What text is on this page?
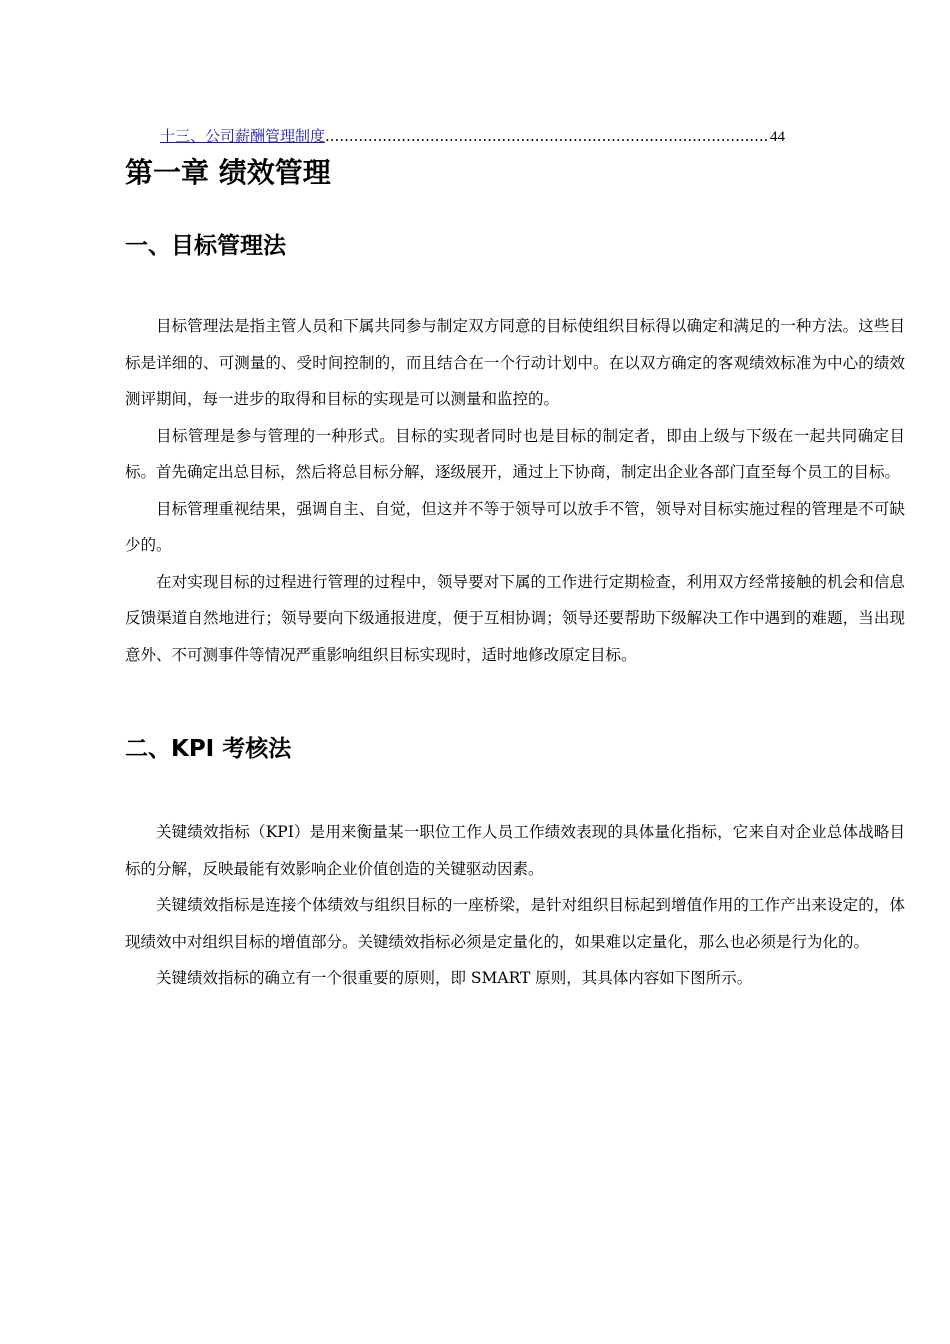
十三、公司薪酬管理制度
.....	44
第一章 绩效管理
一、目标管理法

目标管理法是指主管人员和下属共同参与制定双方同意的目标使组织目标得以确定和满足的一种方法。这些目标是详细的、可测量的、受时间控制的，而且结合在一个行动计划中。在以双方确定的客观绩效标准为中心的绩效测评期间，每一进步的取得和目标的实现是可以测量和监控的。

目标管理是参与管理的一种形式。目标的实现者同时也是目标的制定者，即由上级与下级在一起共同确定目标。首先确定出总目标，然后将总目标分解，逐级展开，通过上下协商，制定出企业各部门直至每个员工的目标。

目标管理重视结果，强调自主、自觉，但这并不等于领导可以放手不管，领导对目标实施过程的管理是不可缺少的。

在对实现目标的过程进行管理的过程中，领导要对下属的工作进行定期检查，利用双方经常接触的机会和信息反馈渠道自然地进行；领导要向下级通报进度，便于互相协调；领导还要帮助下级解决工作中遇到的难题，当出现意外、不可测事件等情况严重影响组织目标实现时，适时地修改原定目标。

二、KPI 考核法

关键绩效指标（KPI）是用来衡量某一职位工作人员工作绩效表现的具体量化指标，它来自对企业总体战略目标的分解，反映最能有效影响企业价值创造的关键驱动因素。

关键绩效指标是连接个体绩效与组织目标的一座桥梁，是针对组织目标起到增值作用的工作产出来设定的，体现绩效中对组织目标的增值部分。关键绩效指标必须是定量化的，如果难以定量化，那么也必须是行为化的。

关键绩效指标的确立有一个很重要的原则，即 SMART 原则，其具体内容如下图所示。
